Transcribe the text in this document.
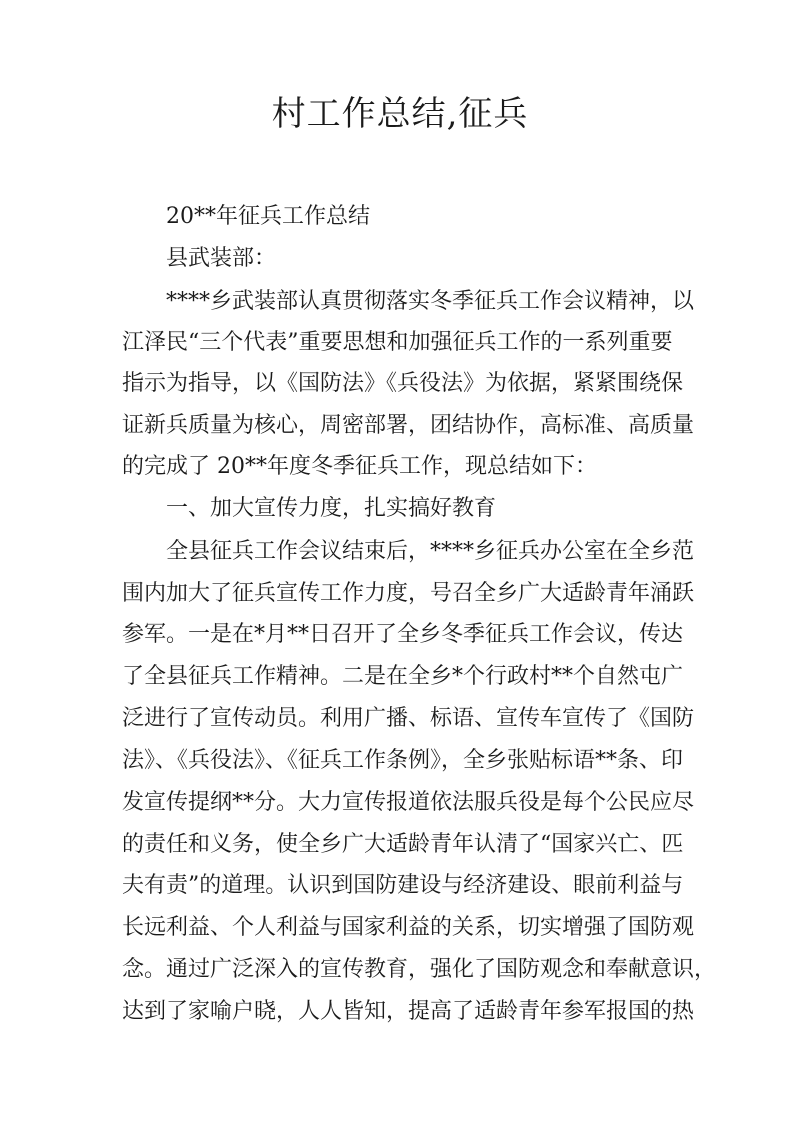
村工作总结,征兵
20**年征兵工作总结
县武装部：
****乡武装部认真贯彻落实冬季征兵工作会议精神，以
江泽民“三个代表”重要思想和加强征兵工作的一系列重要
指示为指导，以《国防法》《兵役法》为依据，紧紧围绕保
证新兵质量为核心，周密部署，团结协作，高标准、高质量
的完成了 20**年度冬季征兵工作，现总结如下：
一、加大宣传力度，扎实搞好教育
全县征兵工作会议结束后，****乡征兵办公室在全乡范
围内加大了征兵宣传工作力度，号召全乡广大适龄青年涌跃
参军。一是在*月**日召开了全乡冬季征兵工作会议，传达
了全县征兵工作精神。二是在全乡*个行政村**个自然屯广
泛进行了宣传动员。利用广播、标语、宣传车宣传了《国防
法》、《兵役法》、《征兵工作条例》，全乡张贴标语**条、印
发宣传提纲**分。大力宣传报道依法服兵役是每个公民应尽
的责任和义务，使全乡广大适龄青年认清了“国家兴亡、匹
夫有责”的道理。认识到国防建设与经济建设、眼前利益与
长远利益、个人利益与国家利益的关系，切实增强了国防观
念。通过广泛深入的宣传教育，强化了国防观念和奉献意识，
达到了家喻户晓，人人皆知，提高了适龄青年参军报国的热
